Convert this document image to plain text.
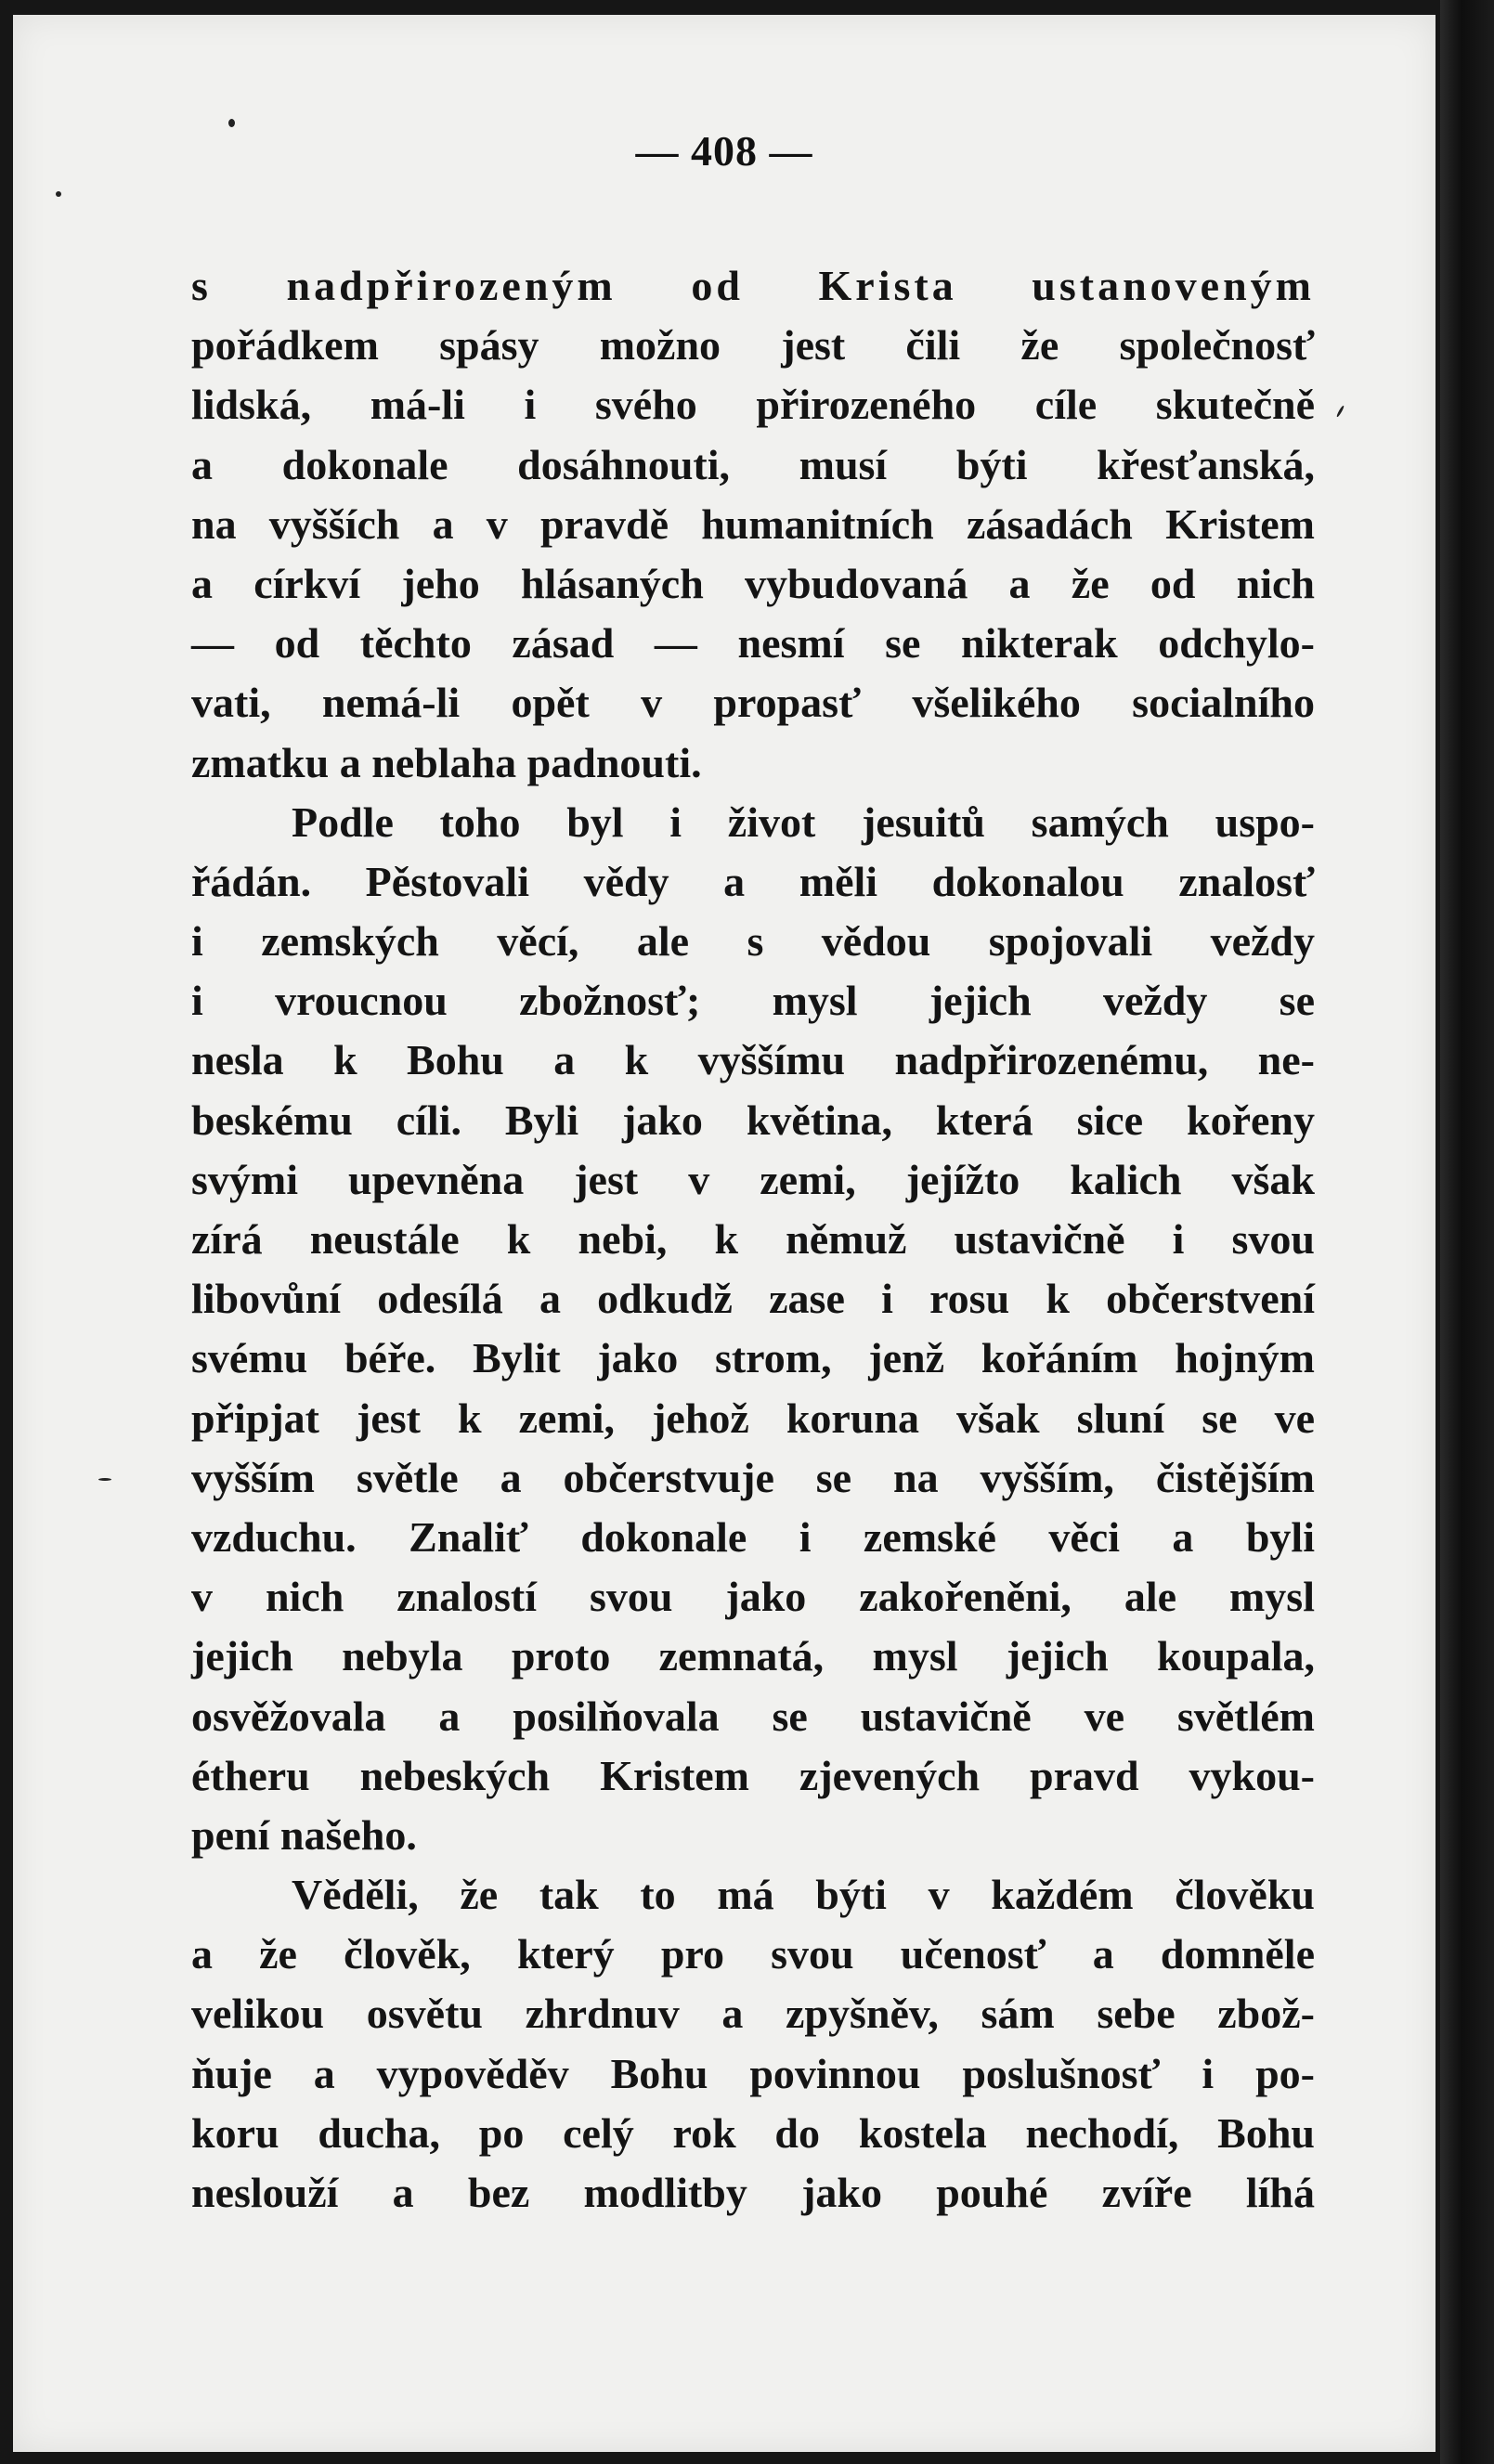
— 408 —
s nadpřirozeným od Krista ustanoveným
pořádkem spásy možno jest čili že společnosť
lidská, má-li i svého přirozeného cíle skutečně
a dokonale dosáhnouti, musí býti křesťanská,
na vyšších a v pravdě humanitních zásadách Kristem
a církví jeho hlásaných vybudovaná a že od nich
— od těchto zásad — nesmí se nikterak odchylo-
vati, nemá-li opět v propasť všelikého socialního
zmatku a neblaha padnouti.
Podle toho byl i život jesuitů samých uspo-
řádán. Pěstovali vědy a měli dokonalou znalosť
i zemských věcí, ale s vědou spojovali vežd​y
i vroucnou zbožnosť; mysl jejich vežd​y se
nesla k Bohu a k vyššímu nadpřirozenému, ne-
beskému cíli. Byli jako květina, která sice kořeny
svými upevněna jest v zemi, jejížto kalich však
zírá neustále k nebi, k němuž ustavičně i svou
libovůní odesílá a odkudž zase i rosu k občerstvení
svému béře. Bylit jako strom, jenž kořáním hojným
připjat jest k zemi, jehož koruna však sluní se ve
vyšším světle a občerstvuje se na vyšším, čistějším
vzduchu. Znaliť dokonale i zemské věci a byli
v nich znalostí svou jako zakořeněni, ale mysl
jejich nebyla proto zemnatá, mysl jejich koupala,
osvěžovala a posilňovala se ustavičně ve světlém
étheru nebeských Kristem zjevených pravd vykou-
pení našeho.
Věděli, že tak to má býti v každém člověku
a že člověk, který pro svou učenosť a domněle
velikou osvětu zhrdnuv a zpyšněv, sám sebe zbož-
ňuje a vypověděv Bohu povinnou poslušnosť i po-
koru ducha, po celý rok do kostela nechodí, Bohu
neslouží a bez modlitby jako pouhé zvíře líhá
